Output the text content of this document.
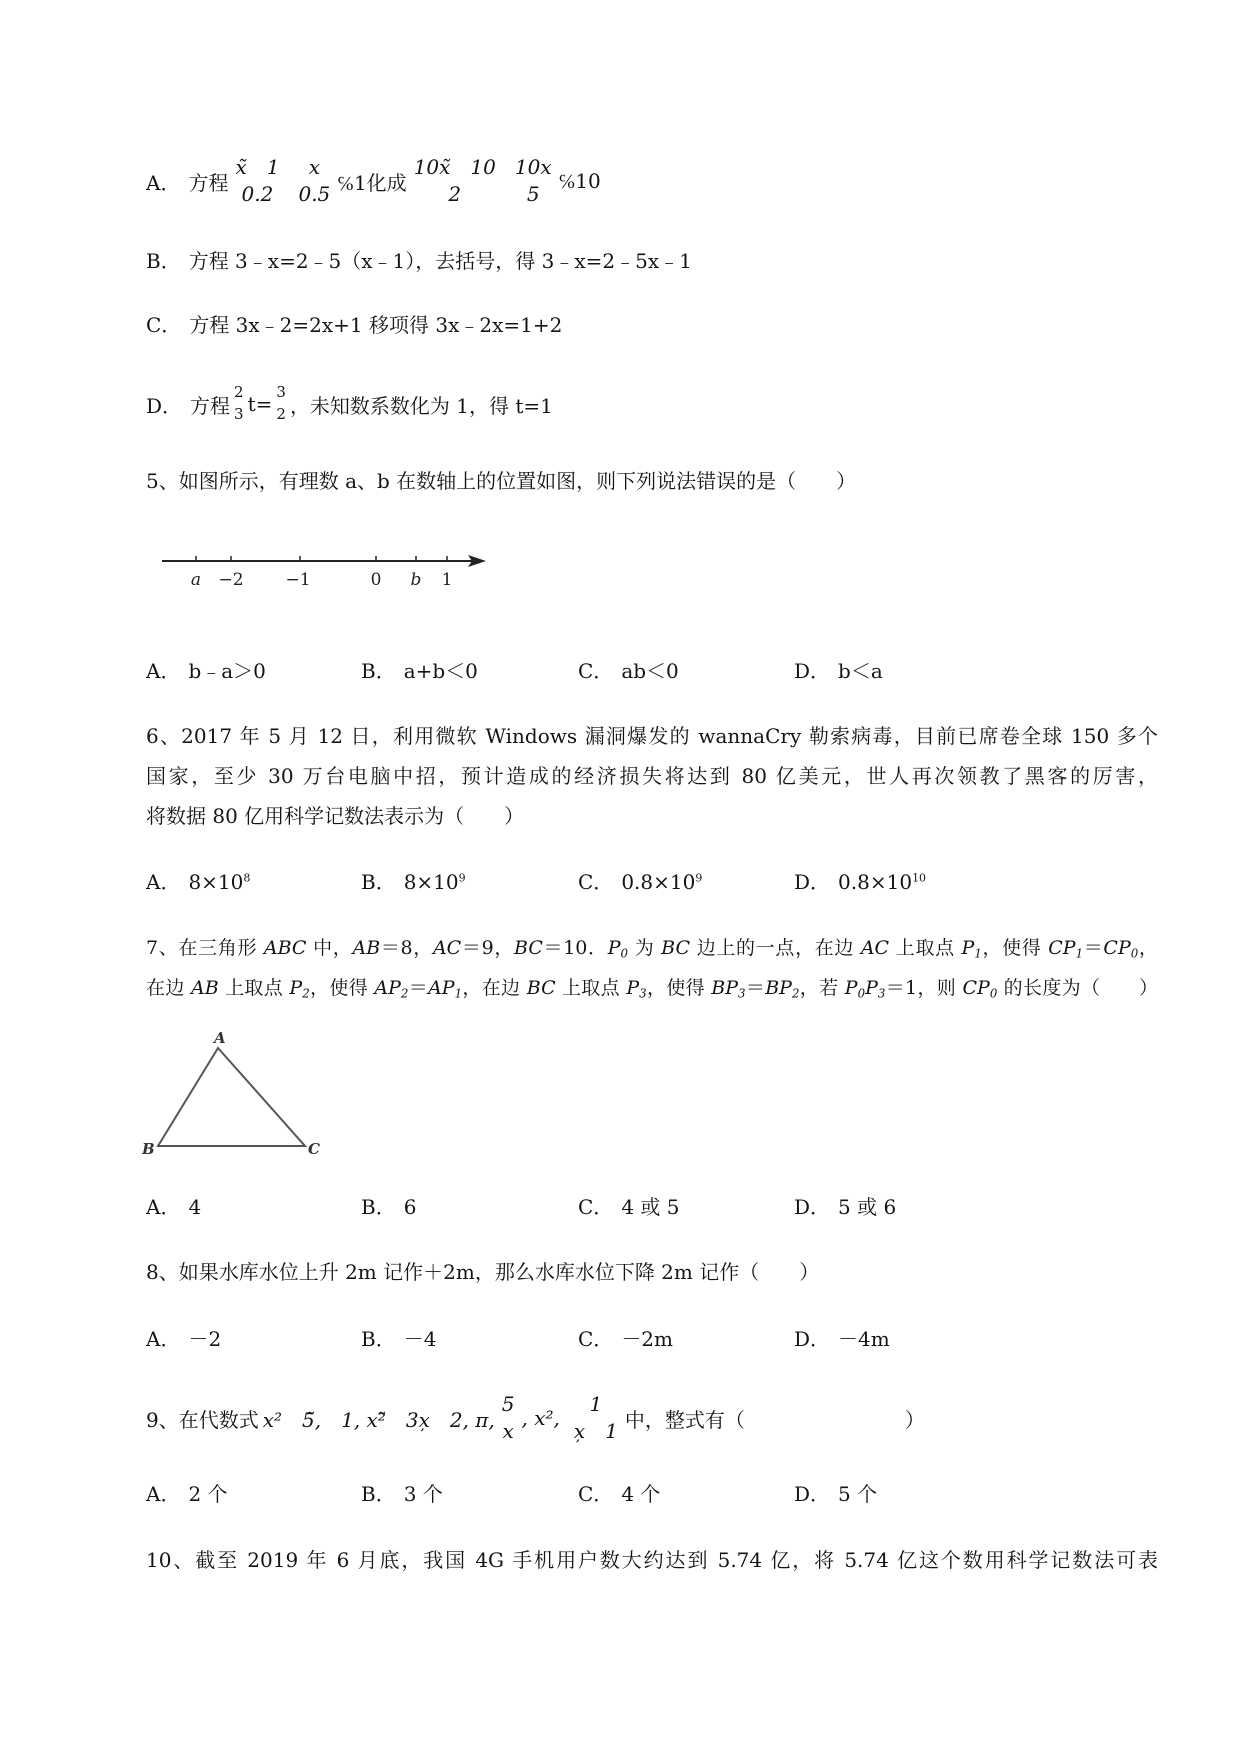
A． 方程
x̃　1
0.2
x
0.5 ℅1化成
10x̃　10
2
10x
5
℅10
B． 方程 3﹣x=2﹣5（x﹣1），去括号，得 3﹣x=2﹣5x﹣1
C． 方程 3x﹣2=2x+1 移项得 3x﹣2x=1+2
D． 方程
2
3 t= 3
2 ，未知数系数化为 1，得 t=1
5、如图所示，有理数 a、b 在数轴上的位置如图，则下列说法错误的是（　　）
a −2 −1	0 b 1
A． b﹣a＞0	B． a+b＜0	C． ab＜0	D． b＜a
6、2017 年 5 月 12 日，利用微软 Windows 漏洞爆发的 wannaCry 勒索病毒，目前已席卷全球 150 多个
国家，至少 30 万台电脑中招，预计造成的经济损失将达到 80 亿美元，世人再次领教了黑客的厉害，
将数据 80 亿用科学记数法表示为（　　）
A． $8\times 10^8$	B． $8\times 10^9$	C． $0.8\times 10^9$	D． $0.8\times 10^{10}$
7、在三角形 ABC 中，AB＝8，AC＝9，BC＝10．$P_0$ 为 BC 边上的一点，在边 AC 上取点 $P_1$，使得 $CP_1=CP_0$，
在边 AB 上取点 $P_2$，使得 $AP_2=AP_1$，在边 BC 上取点 $P_3$，使得 $BP_3=BP_2$，若 $P_0P_3=1$，则 $CP_0$ 的长度为（　　）
A
B	C
A． 4	B． 6	C． 4 或 5	D． 5 或 6
8、如果水库水位上升 2m 记作＋2m，那么水库水位下降 2m 记作（　　）
A． －2	B． －4	C． －2m	D． －4m
9、在代数式 x²　5̃,　1, x²̃　3x̦　2, π,
5
x
, x²,
1
x̦　1 中，整式有（　　　　　　　　）
A． 2 个	B． 3 个	C． 4 个	D． 5 个
10、截至 2019 年 6 月底，我国 4G 手机用户数大约达到 5.74 亿，将 5.74 亿这个数用科学记数法可表
